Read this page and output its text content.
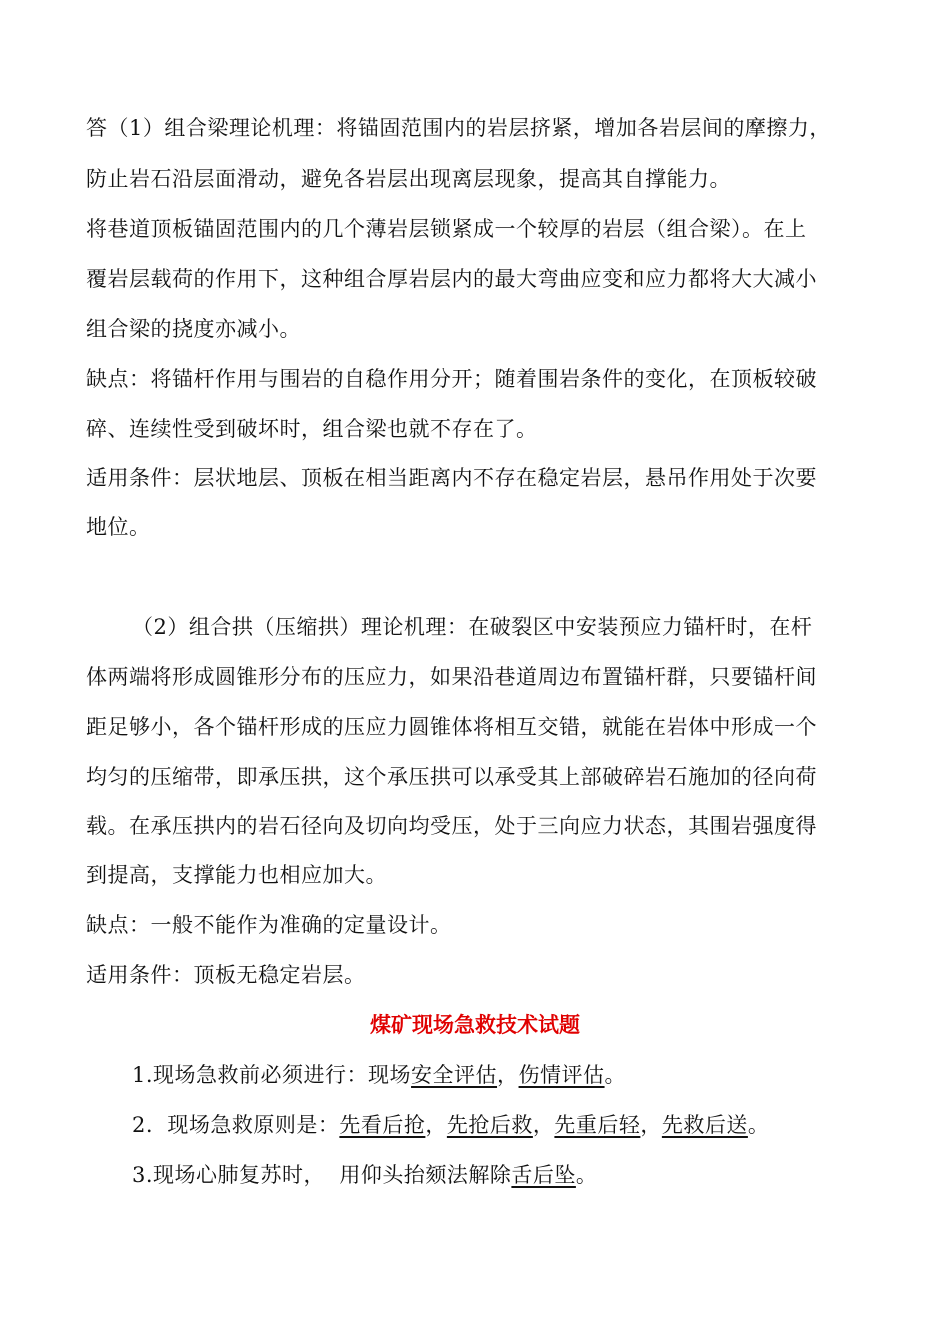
答（1）组合梁理论机理：将锚固范围内的岩层挤紧，增加各岩层间的摩擦力，
防止岩石沿层面滑动，避免各岩层出现离层现象，提高其自撑能力。
将巷道顶板锚固范围内的几个薄岩层锁紧成一个较厚的岩层（组合梁）。在上
覆岩层载荷的作用下，这种组合厚岩层内的最大弯曲应变和应力都将大大减小
组合梁的挠度亦减小。
缺点：将锚杆作用与围岩的自稳作用分开；随着围岩条件的变化，在顶板较破
碎、连续性受到破坏时，组合梁也就不存在了。
适用条件：层状地层、顶板在相当距离内不存在稳定岩层，悬吊作用处于次要
地位。
（2）组合拱（压缩拱）理论机理：在破裂区中安装预应力锚杆时，在杆
体两端将形成圆锥形分布的压应力，如果沿巷道周边布置锚杆群，只要锚杆间
距足够小，各个锚杆形成的压应力圆锥体将相互交错，就能在岩体中形成一个
均匀的压缩带，即承压拱，这个承压拱可以承受其上部破碎岩石施加的径向荷
载。在承压拱内的岩石径向及切向均受压，处于三向应力状态，其围岩强度得
到提高，支撑能力也相应加大。
缺点：一般不能作为准确的定量设计。
适用条件：顶板无稳定岩层。
煤矿现场急救技术试题
1.现场急救前必须进行：现场安全评估，伤情评估。
2.  现场急救原则是：先看后抢，先抢后救，先重后轻，先救后送。
3.现场心肺复苏时，  用仰头抬颏法解除舌后坠。
